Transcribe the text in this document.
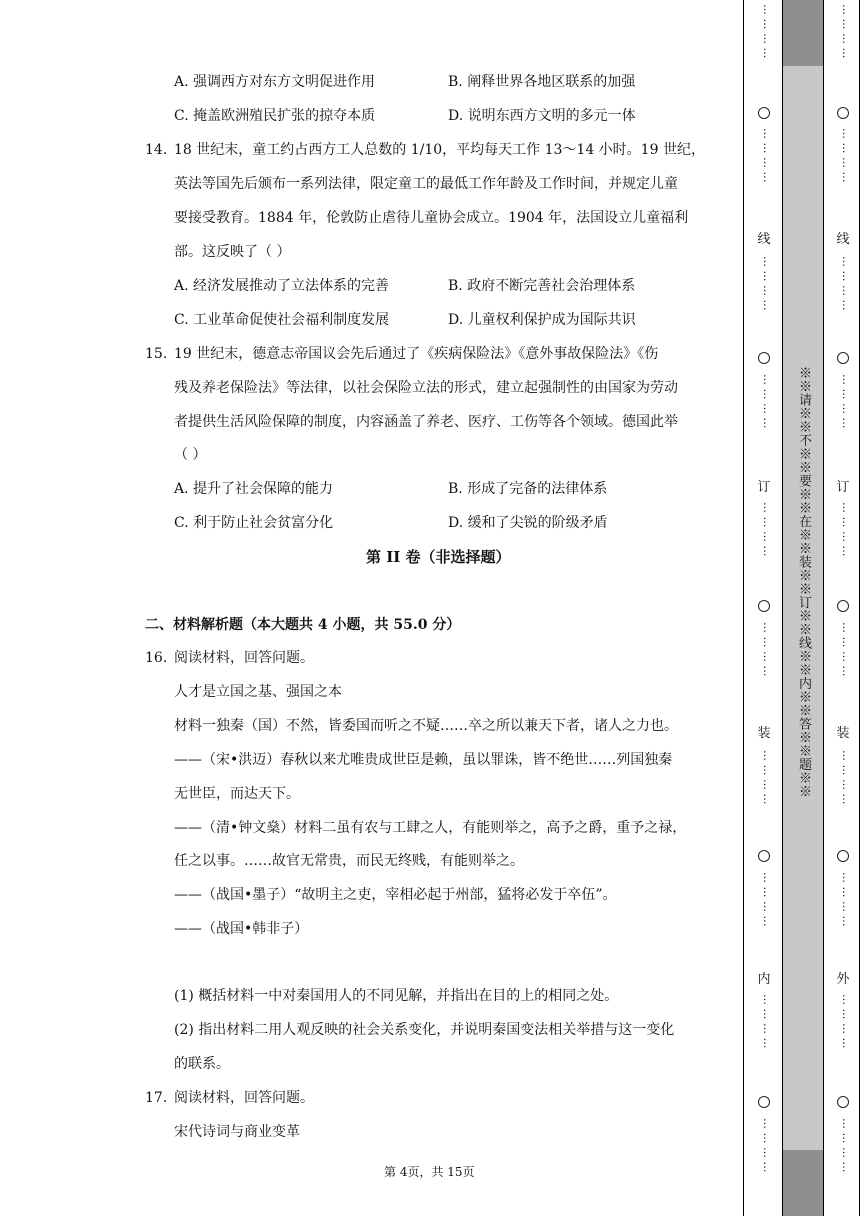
A. 强调西方对东方文明促进作用	B. 阐释世界各地区联系的加强
C. 掩盖欧洲殖民扩张的掠夺本质	D. 说明东西方文明的多元一体
14. 18 世纪末，童工约占西方工人总数的 1/10，平均每天工作 13～14 小时。19 世纪，
英法等国先后颁布一系列法律，限定童工的最低工作年龄及工作时间，并规定儿童
要接受教育。1884 年，伦敦防止虐待儿童协会成立。1904 年，法国设立儿童福利
部。这反映了（ ）
A. 经济发展推动了立法体系的完善	B. 政府不断完善社会治理体系
C. 工业革命促使社会福利制度发展	D. 儿童权利保护成为国际共识
15. 19 世纪末，德意志帝国议会先后通过了《疾病保险法》《意外事故保险法》《伤
残及养老保险法》等法律，以社会保险立法的形式，建立起强制性的由国家为劳动
者提供生活风险保障的制度，内容涵盖了养老、医疗、工伤等各个领域。德国此举
（ ）
A. 提升了社会保障的能力	B. 形成了完备的法律体系
C. 利于防止社会贫富分化	D. 缓和了尖锐的阶级矛盾
第 II 卷（非选择题）
二、材料解析题（本大题共 4 小题，共 55.0 分）
16. 阅读材料，回答问题。
人才是立国之基、强国之本
材料一独秦（国）不然，皆委国而听之不疑……卒之所以兼天下者，诸人之力也。
——（宋•洪迈）春秋以来尤唯贵成世臣是赖，虽以罪诛，皆不绝世……列国独秦
无世臣，而达天下。
——（清•钟文燊）材料二虽有农与工肆之人，有能则举之，高予之爵，重予之禄，
任之以事。……故官无常贵，而民无终贱，有能则举之。
——（战国•墨子）“故明主之吏，宰相必起于州部，猛将必发于卒伍”。
——（战国•韩非子）
(1) 概括材料一中对秦国用人的不同见解，并指出在目的上的相同之处。
(2) 指出材料二用人观反映的社会关系变化，并说明秦国变法相关举措与这一变化
的联系。
17. 阅读材料，回答问题。
宋代诗词与商业变革
第 4页，共 15页
… … … …
… … … …
线
… … … …
… … … …
订
… … … …
… … … …
装
… … … …
… … … …
内
… … … …
… … … …
※※请※※不※※要※※在※※装※※订※※线※※内※※答※※题※※
… … … …
… … … …
线
… … … …
… … … …
订
… … … …
… … … …
装
… … … …
… … … …
外
… … … …
… … … …
